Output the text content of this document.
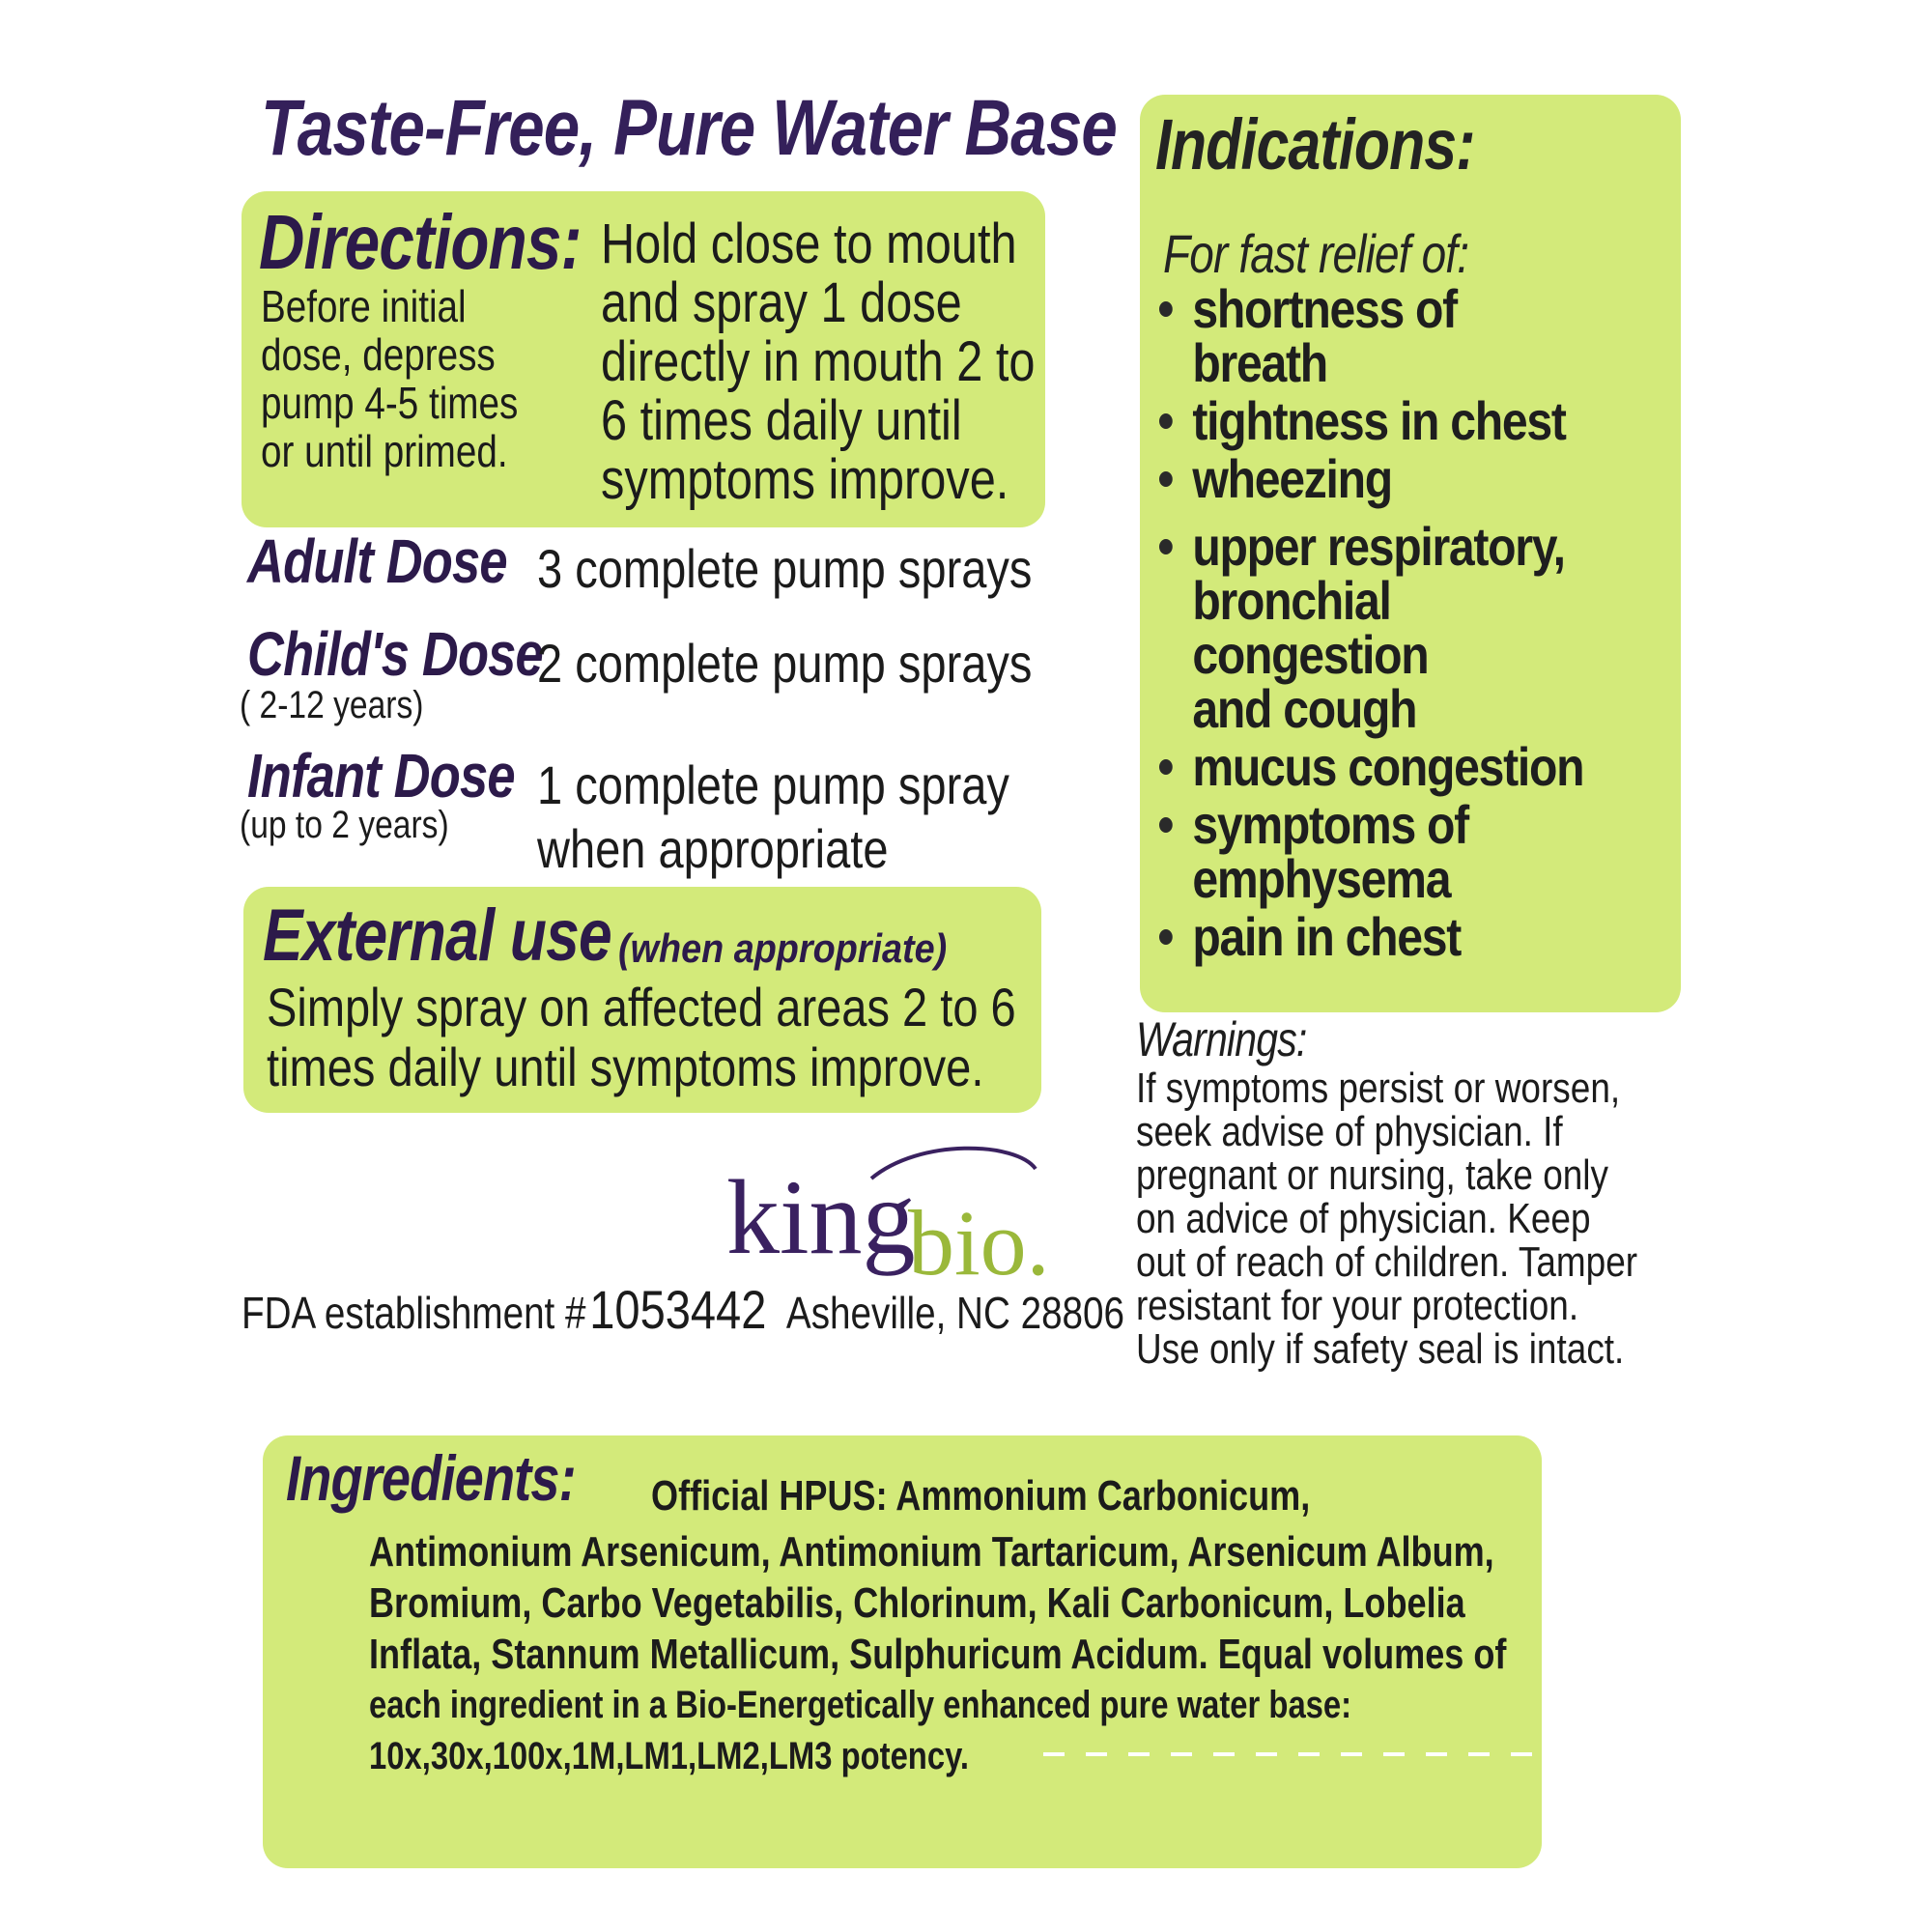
Taste-Free, Pure Water Base
Directions:
Before initial
dose, depress
pump 4-5 times
or until primed.
Hold close to mouth
and spray 1 dose
directly in mouth 2 to
6 times daily until
symptoms improve.
Adult Dose 3 complete pump sprays
Child's Dose
( 2-12 years)
2 complete pump sprays
Infant Dose
(up to 2 years)
1 complete pump spray
when appropriate
External use (when appropriate)
Simply spray on affected areas 2 to 6
times daily until symptoms improve.
king
bio.
FDA establishment # 1053442 Asheville, NC 28806
Indications:
For fast relief of:
shortness of breath
tightness in chest
wheezing
upper respiratory,
bronchial
congestion
and cough
mucus congestion
symptoms of
emphysema
pain in chest
Warnings:
If symptoms persist or worsen,
seek advise of physician. If
pregnant or nursing, take only
on advice of physician. Keep
out of reach of children. Tamper
resistant for your protection.
Use only if safety seal is intact.
Ingredients: Official HPUS: Ammonium Carbonicum,
Antimonium Arsenicum, Antimonium Tartaricum, Arsenicum Album,
Bromium, Carbo Vegetabilis, Chlorinum, Kali Carbonicum, Lobelia
Inflata, Stannum Metallicum, Sulphuricum Acidum. Equal volumes of
each ingredient in a Bio-Energetically enhanced pure water base:
10x,30x,100x,1M,LM1,LM2,LM3 potency.
